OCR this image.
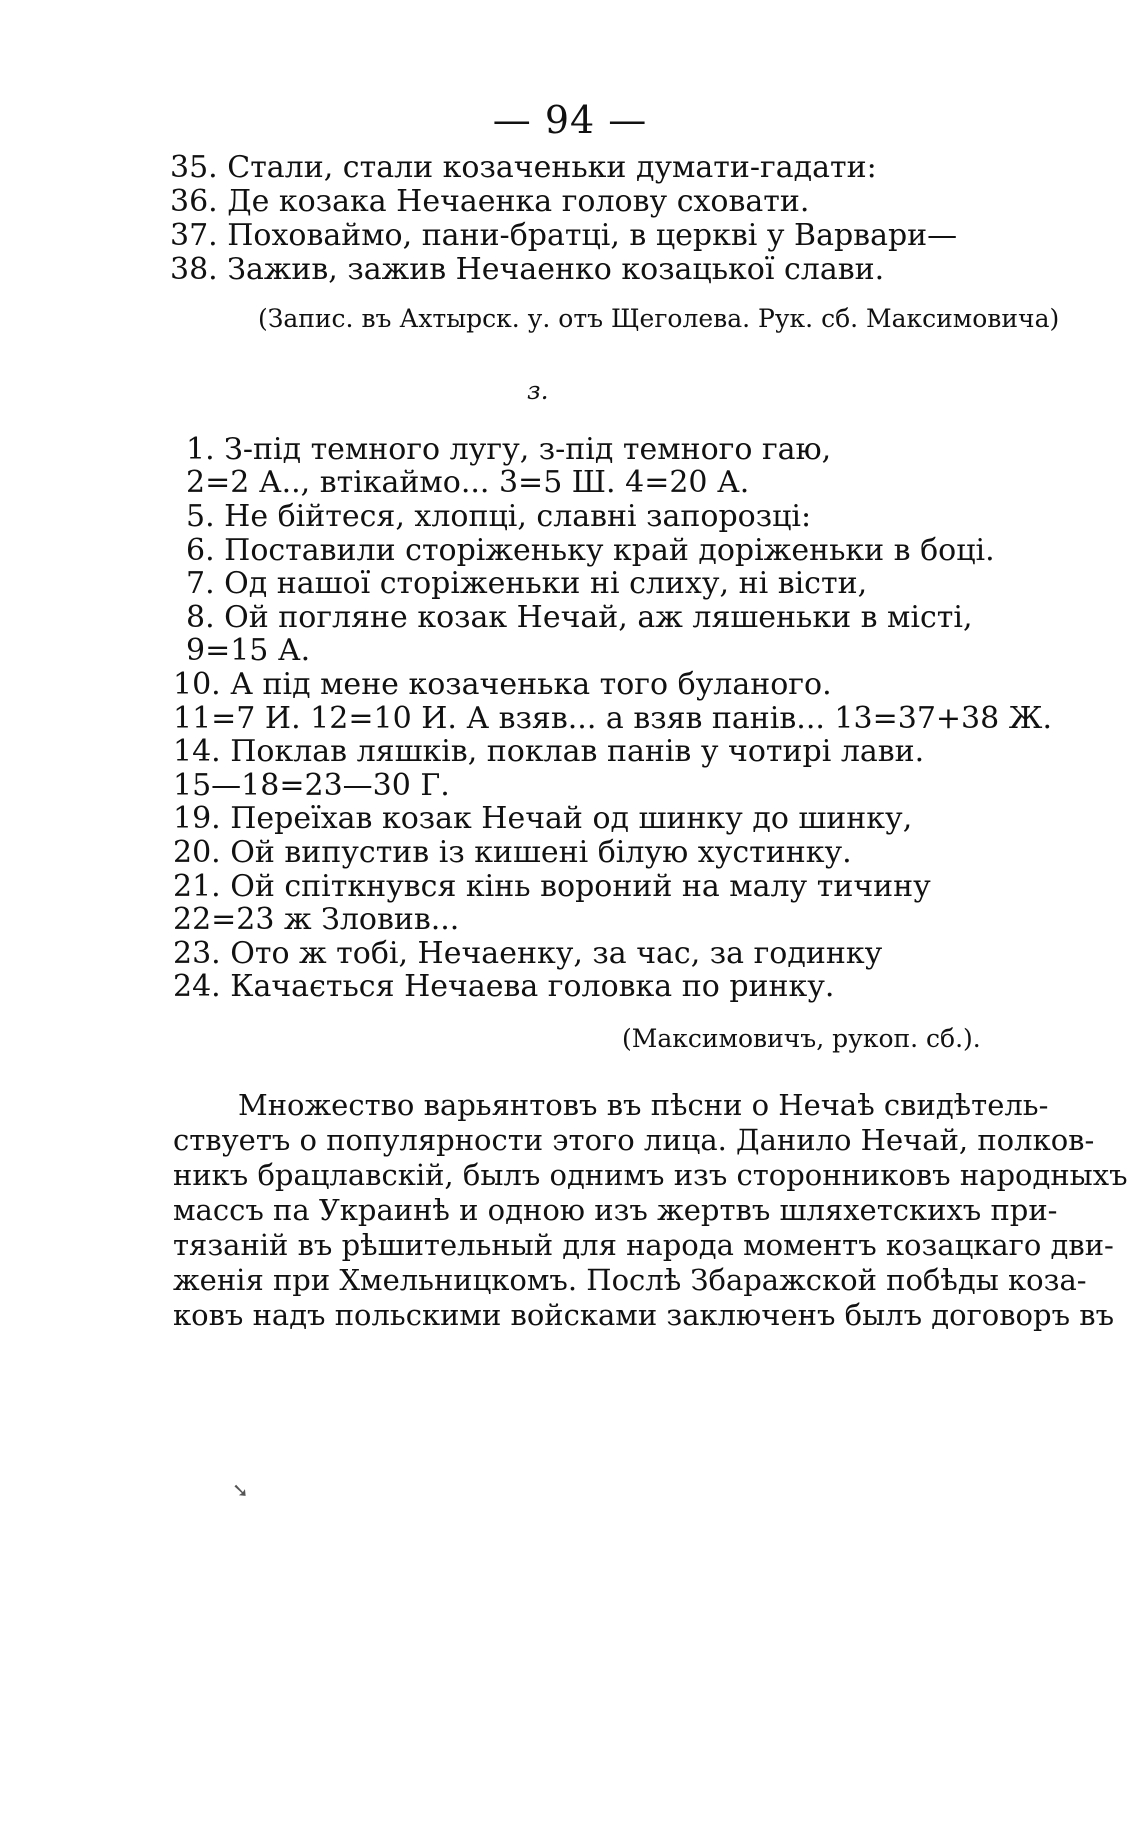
— 94 —
35. Стали, стали козаченьки думати-гадати:
36. Де козака Нечаенка голову сховати.
37. Поховаймо, пани-братці, в церкві у Варвари—
38. Зажив, зажив Нечаенко козацької слави.
(Запис. въ Ахтырск. у. отъ Щеголева. Рук. сб. Максимовича)
з.
1. З-під темного лугу, з-під темного гаю,
2=2 А.., втікаймо... 3=5 Ш. 4=20 А.
5. Не бійтеся, хлопці, славні запорозці:
6. Поставили сторіженьку край доріженьки в боці.
7. Од нашої сторіженьки ні слиху, ні вісти,
8. Ой погляне козак Нечай, аж ляшеньки в місті,
9=15 А.
10. А під мене козаченька того буланого.
11=7 И. 12=10 И. А взяв... а взяв панів... 13=37+38 Ж.
14. Поклав ляшків, поклав панів у чотирі лави.
15—18=23—30 Г.
19. Переїхав козак Нечай од шинку до шинку,
20. Ой випустив із кишені білую хустинку.
21. Ой спіткнувся кінь вороний на малу тичину
22=23 ж Зловив...
23. Ото ж тобі, Нечаенку, за час, за годинку
24. Качається Нечаева головка по ринку.
(Максимовичъ, рукоп. сб.).
Множество варьянтовъ въ пѣсни о Нечаѣ свидѣтель-
ствуетъ о популярности этого лица. Данило Нечай, полков-
никъ брацлавскій, былъ однимъ изъ сторонниковъ народныхъ
массъ па Украинѣ и одною изъ жертвъ шляхетскихъ при-
тязаній въ рѣшительный для народа моментъ козацкаго дви-
женія при Хмельницкомъ. Послѣ Збаражской побѣды коза-
ковъ надъ польскими войсками заключенъ былъ договоръ въ
➘
